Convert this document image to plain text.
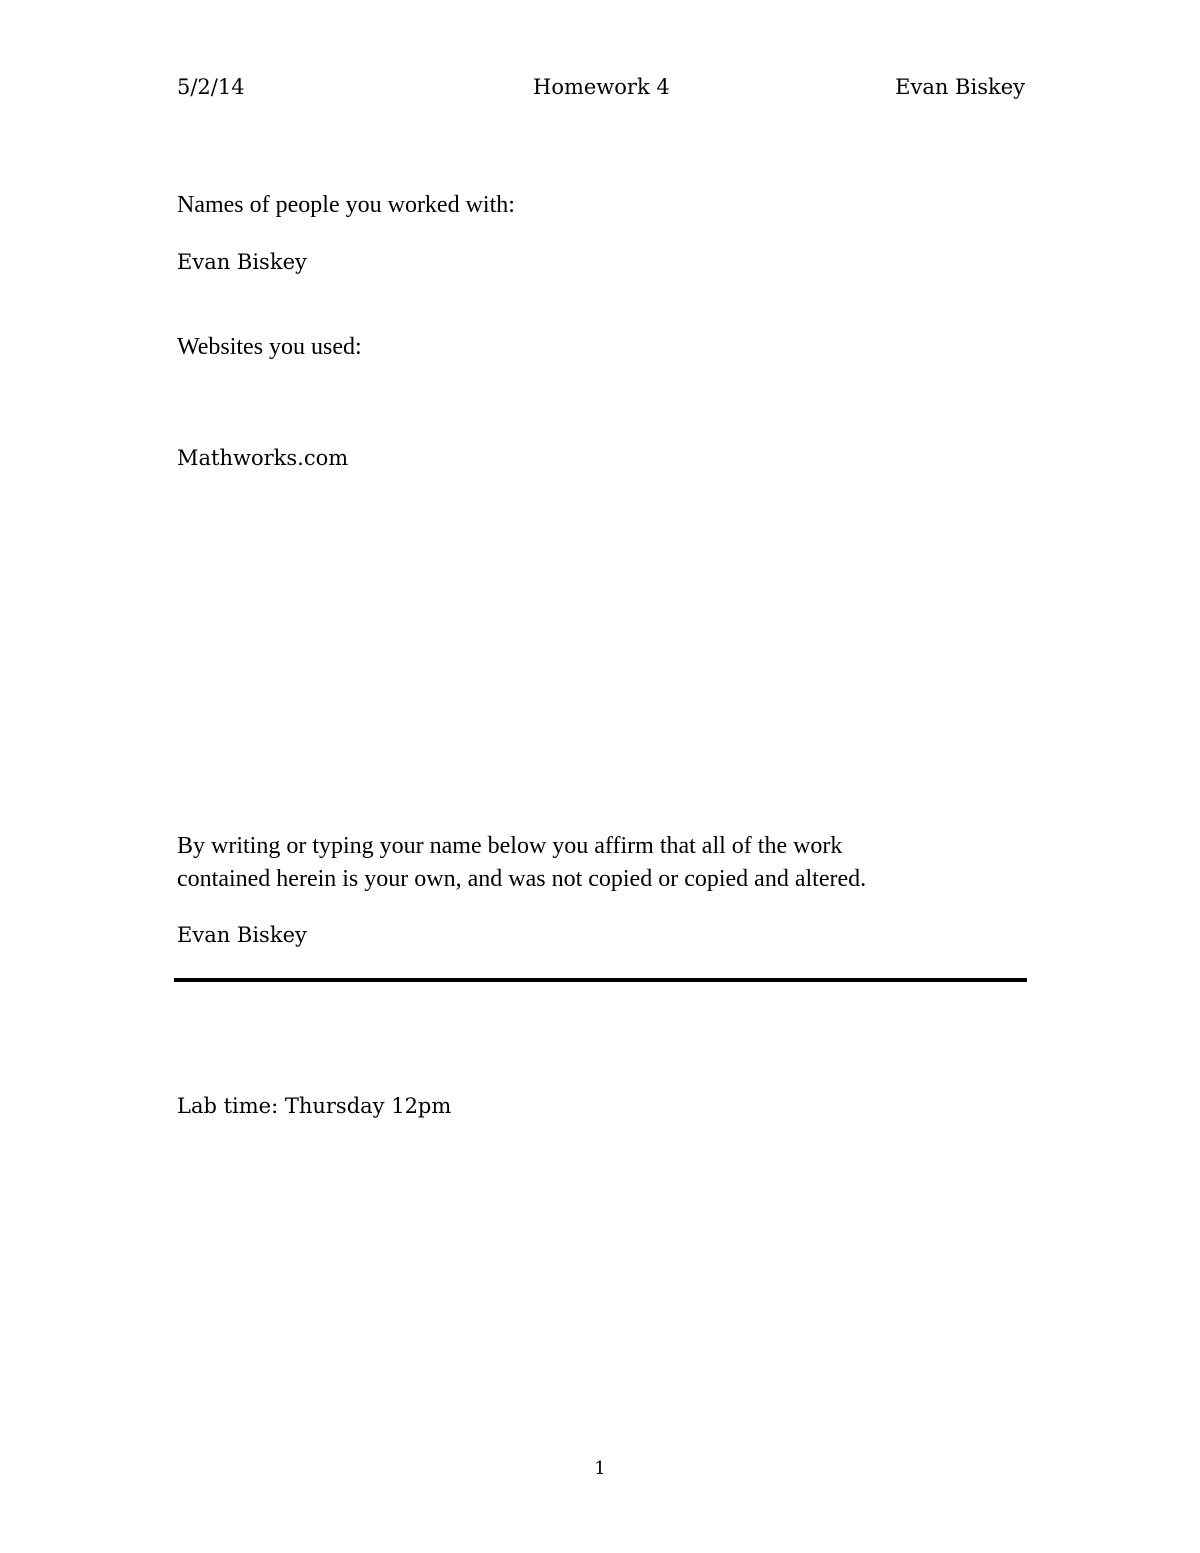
5/2/14	Homework 4	Evan Biskey
Names of people you worked with:
Evan Biskey
Websites you used:
Mathworks.com
By writing or typing your name below you affirm that all of the work
contained herein is your own, and was not copied or copied and altered.
Evan Biskey
Lab time: Thursday 12pm
1
